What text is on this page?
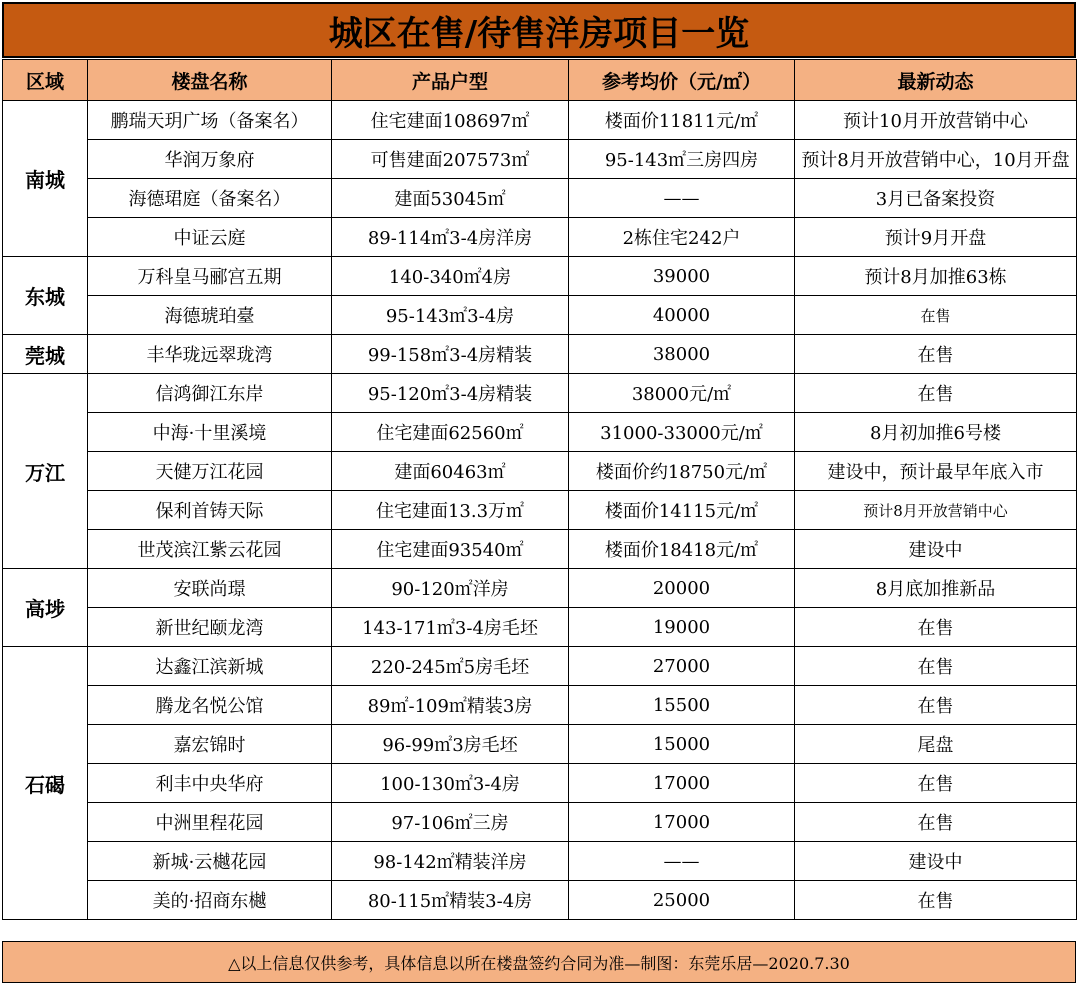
城区在售/待售洋房项目一览
区域	楼盘名称	产品户型	参考均价（元/㎡）	最新动态
南城	鹏瑞天玥广场（备案名）	住宅建面108697㎡	楼面价11811元/㎡	预计10月开放营销中心
	华润万象府	可售建面207573㎡	95-143㎡三房四房	预计8月开放营销中心，10月开盘
	海德珺庭（备案名）	建面53045㎡	——	3月已备案投资
	中证云庭	89-114㎡3-4房洋房	2栋住宅242户	预计9月开盘
东城	万科皇马郦宫五期	140-340㎡4房	39000	预计8月加推63栋
	海德琥珀臺	95-143㎡3-4房	40000	在售
莞城	丰华珑远翠珑湾	99-158㎡3-4房精装	38000	在售
万江	信鸿御江东岸	95-120㎡3-4房精装	38000元/㎡	在售
	中海·十里溪境	住宅建面62560㎡	31000-33000元/㎡	8月初加推6号楼
	天健万江花园	建面60463㎡	楼面价约18750元/㎡	建设中，预计最早年底入市
	保利首铸天际	住宅建面13.3万㎡	楼面价14115元/㎡	预计8月开放营销中心
	世茂滨江紫云花园	住宅建面93540㎡	楼面价18418元/㎡	建设中
高埗	安联尚璟	90-120㎡洋房	20000	8月底加推新品
	新世纪颐龙湾	143-171㎡3-4房毛坯	19000	在售
石碣	达鑫江滨新城	220-245㎡5房毛坯	27000	在售
	腾龙名悦公馆	89㎡-109㎡精装3房	15500	在售
	嘉宏锦时	96-99㎡3房毛坯	15000	尾盘
	利丰中央华府	100-130㎡3-4房	17000	在售
	中洲里程花园	97-106㎡三房	17000	在售
	新城·云樾花园	98-142㎡精装洋房	——	建设中
	美的·招商东樾	80-115㎡精装3-4房	25000	在售
△以上信息仅供参考，具体信息以所在楼盘签约合同为准—制图：东莞乐居—2020.7.30
